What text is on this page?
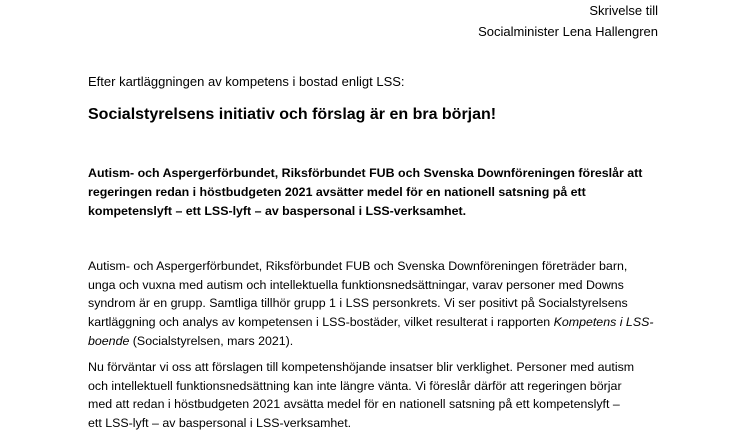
Skrivelse till
Socialminister Lena Hallengren
Efter kartläggningen av kompetens i bostad enligt LSS:
Socialstyrelsens initiativ och förslag är en bra början!
Autism- och Aspergerförbundet, Riksförbundet FUB och Svenska Downföreningen föreslår att
regeringen redan i höstbudgeten 2021 avsätter medel för en nationell satsning på ett
kompetenslyft – ett LSS-lyft – av baspersonal i LSS-verksamhet.
Autism- och Aspergerförbundet, Riksförbundet FUB och Svenska Downföreningen företräder barn,
unga och vuxna med autism och intellektuella funktionsnedsättningar, varav personer med Downs
syndrom är en grupp. Samtliga tillhör grupp 1 i LSS personkrets. Vi ser positivt på Socialstyrelsens
kartläggning och analys av kompetensen i LSS-bostäder, vilket resulterat i rapporten Kompetens i LSS-
boende (Socialstyrelsen, mars 2021).
Nu förväntar vi oss att förslagen till kompetenshöjande insatser blir verklighet. Personer med autism
och intellektuell funktionsnedsättning kan inte längre vänta. Vi föreslår därför att regeringen börjar
med att redan i höstbudgeten 2021 avsätta medel för en nationell satsning på ett kompetenslyft –
ett LSS-lyft – av baspersonal i LSS-verksamhet.
